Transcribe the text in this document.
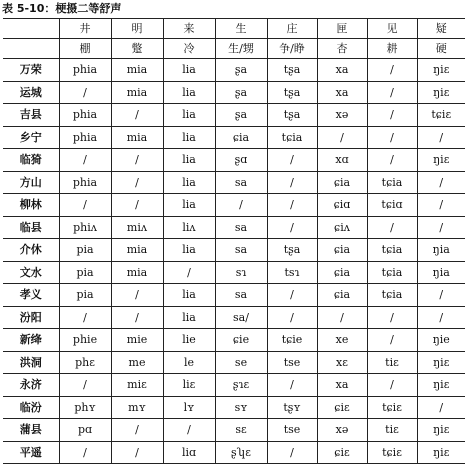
表 5-10：梗摄二等舒声
	井	明	来	生	庄	匣	见	疑
	棚	蹩	冷	生/甥	争/睁	杏	耕	硬
万荣	phia	mia	lia	ʂa	tʂa	xa	/	ŋiɛ
运城	/	mia	lia	ʂa	tʂa	xa	/	ŋiɛ
吉县	phia	/	lia	ʂa	tʂa	xə	/	tɕiɛ
乡宁	phia	mia	lia	ɕia	tɕia	/	/	/
临猗	/	/	lia	ʂɑ	/	xɑ	/	ŋiɛ
方山	phia	/	lia	sa	/	ɕia	tɕia	/
柳林	/	/	lia	/	/	ɕiɑ	tɕiɑ	/
临县	phiʌ	miʌ	liʌ	sa	/	ɕiʌ	/	/
介休	pia	mia	lia	sa	tʂa	ɕia	tɕia	ŋia
文水	pia	mia	/	sɿ	tsɿ	ɕia	tɕia	ŋia
孝义	pia	/	lia	sa	/	ɕia	tɕia	/
汾阳	/	/	lia	sa/	/	/	/	/
新绛	phie	mie	lie	ɕie	tɕie	xe	/	ŋie
洪洞	phɛ	me	le	se	tse	xɛ	tiɛ	ŋiɛ
永济	/	miɛ	liɛ	ʂɿɛ	/	xa	/	ŋiɛ
临汾	phʏ	mʏ	lʏ	sʏ	tʂʏ	ɕiɛ	tɕiɛ	/
蒲县	pɑ	/	/	sɛ	tse	xə	tiɛ	ŋiɛ
平遥	/	/	liɑ	ʂʮɛ	/	ɕiɛ	tɕiɛ	ŋiɛ
